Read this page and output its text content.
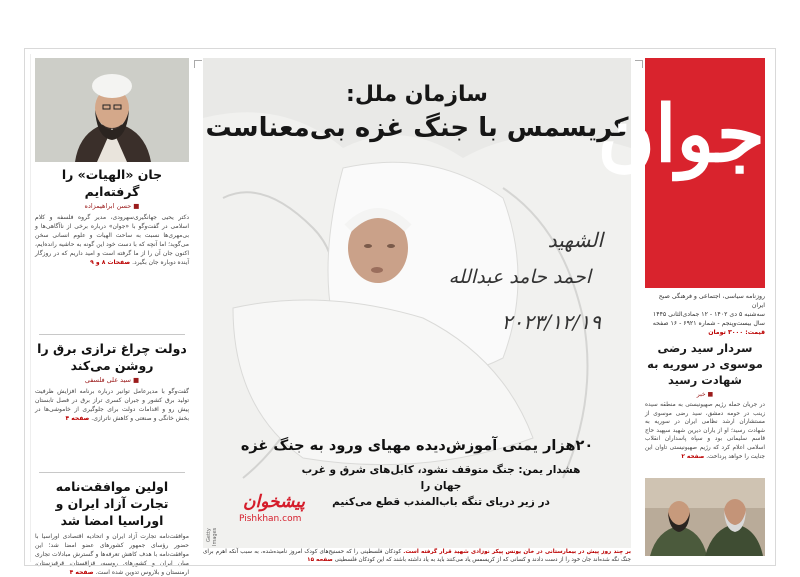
جان «الهیات» را گرفته‌ایم
■ حسن ابراهیمزاده

دکتر یحیی جهانگیری‌سهرودی، مدیر گروه فلسفه و کلام اسلامی در گفت‌وگو با «جوان» درباره برخی از ناآگاهی‌ها و بی‌مهری‌ها نسبت به ساحت الهیات و علوم انسانی سخن می‌گوید؛ اما آنچه که با دست خود این گونه به حاشیه رانده‌ایم، اکنون جان آن را از ما گرفته است و امید داریم که در روزگار آینده دوباره جان بگیرد. صفحات ۸ و ۹

دولت چراغ ترازی برق را روشن می‌کند
■ سید علی فلسفی

گفت‌وگو با مدیرعامل توانیر درباره برنامه افزایش ظرفیت تولید برق کشور و جبران کسری تراز برق در فصل تابستان پیش رو و اقدامات دولت برای جلوگیری از خاموشی‌ها در بخش خانگی و صنعتی و کاهش ناترازی. صفحه ۴

اولین موافقت‌نامه تجارت آزاد ایران و اوراسیا امضا شد

موافقت‌نامه تجارت آزاد ایران و اتحادیه اقتصادی اوراسیا با حضور رؤسای جمهور کشورهای عضو امضا شد؛ این موافقت‌نامه با هدف کاهش تعرفه‌ها و گسترش مبادلات تجاری میان ایران و کشورهای روسیه، قزاقستان، قرقیزستان، ارمنستان و بلاروس تدوین شده است. صفحه ۴

سازمان ملل:
کریسمس با جنگ غزه بی‌معناست
الشهید
احمد حامد عبدالله
۲۰۲۳/۱۲/۱۹
۲۰هزار یمنی آموزش‌دیده مهیای ورود به جنگ غزه
هشدار یمن: جنگ متوقف نشود، کابل‌های شرق و غرب جهان را
در زیر دریای تنگه باب‌المندب قطع می‌کنیم
پیشخوان
Pishkhan.com
Getty Images
بر چند روز پیش در بیمارستانی در خان یونس پیکر نوزادی شهید قرار گرفته است. کودکان فلسطینی را که حسنیح‌های کودک امروز نامیده‌شده، به سبب آنکه اهرم برای جنگ نگه شده‌اند جان خود را از دست دادند و کسانی که از کریسمس یاد می‌کنند باید به یاد داشته باشند که این کودکان فلسطینی صفحه ۱۵
جوان
روزنامه سیاسی، اجتماعی و فرهنگی صبح ایران
سه‌شنبه ۵ دی ۱۴۰۲ - ۱۲ جمادی‌الثانی ۱۴۴۵
سال بیست‌وپنجم - شماره ۶۹۲۱ - ۱۶ صفحه
قیمت: ۳۰۰۰ تومان
سردار سید رضی موسوی در سوریه به شهادت رسید
■ خبر

در جریان حمله رژیم صهیونیستی به منطقه سیده زینب در حومه دمشق، سید رضی موسوی از مستشاران ارشد نظامی ایران در سوریه به شهادت رسید؛ او از یاران دیرین شهید سپهبد حاج قاسم سلیمانی بود و سپاه پاسداران انقلاب اسلامی اعلام کرد که رژیم صهیونیستی تاوان این جنایت را خواهد پرداخت. صفحه ۲
